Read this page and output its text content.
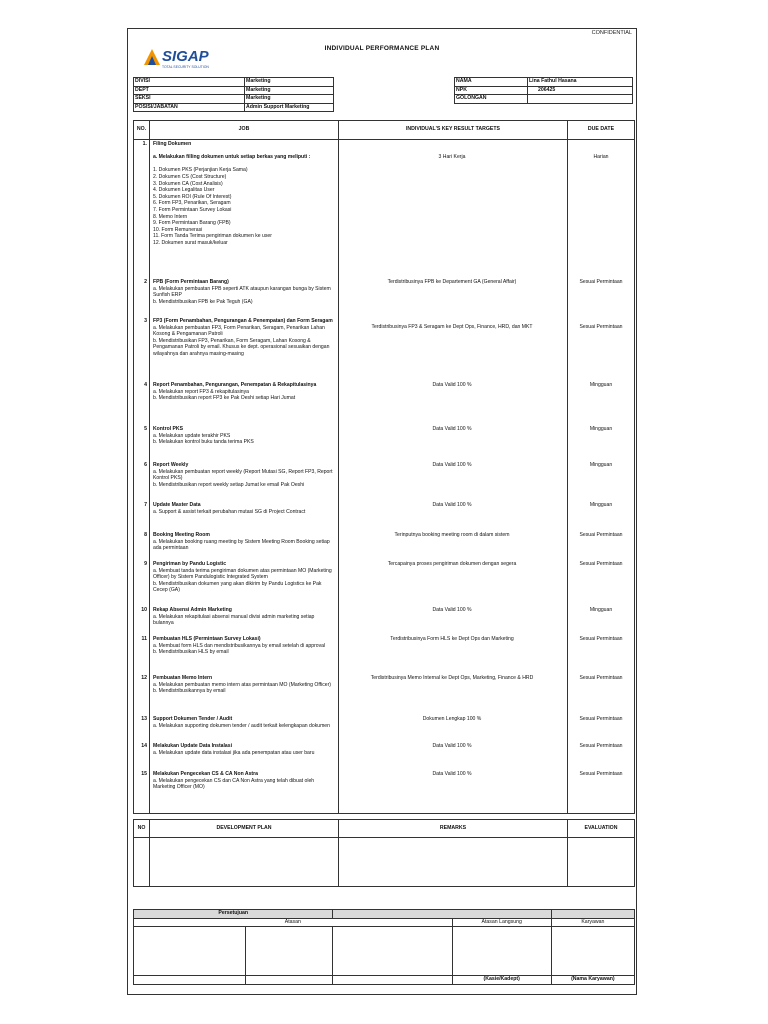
CONFIDENTIAL
SIGAP
TOTAL SECURITY SOLUTION
INDIVIDUAL PERFORMANCE PLAN
DIVISI	Marketing
DEPT	Marketing
SEKSI	Marketing
POSISI/JABATAN	Admin Support Marketing
NAMA	Lina Fathul Hasana
NPK	206425
GOLONGAN	
NO.	JOB	INDIVIDUAL'S KEY RESULT TARGETS	DUE DATE

1. Filing Dokumen
a. Melakukan filling dokumen untuk setiap berkas yang meliputi :
1. Dokumen PKS (Perjanjian Kerja Sama)
2. Dokumen CS (Cost Structure)
3. Dokumen CA (Cost Analisis)
4. Dokumen Legalitas User
5. Dokumen ROI (Rule Of Interest)
6. Form FP3, Penarikan, Seragam
7. Form Permintaan Survey Lokasi
8. Memo Intern
9. Form Permintaan Barang (FPB)
10. Form Remunerasi
11. Form Tanda Terima pengiriman dokumen ke user
12. Dokumen surat masuk/keluar
3 Hari Kerja	Harian
2 FPB (Form Permintaan Barang)
a. Melakukan pembuatan FPB seperti ATK ataupun karangan bunga by Sistem Sunfish ERP
b. Mendistribusikan FPB ke Pak Teguh (GA)
Terdistribusinya FPB ke Departement GA (General Affair)	Sesuai Permintaan
3 FP3 (Form Penambahan, Pengurangan & Penempatan) dan Form Seragam
a. Melakukan pembuatan FP3, Form Penarikan, Seragam, Penarikan Lahan Kosong & Pengamanan Patroli
b. Mendistribusikan FP3, Penarikan, Form Seragam, Lahan Kosong & Pengamanan Patroli by email. Khusus ke dept. operasional sesuaikan dengan wilayahnya dan arahnya masing-masing
Terdistribusinya FP3 & Seragam ke Dept Ops, Finance, HRD, dan MKT	Sesuai Permintaan
4 Report Penambahan, Pengurangan, Penempatan & Rekapitulasinya
a. Melakukan report FP3 & rekapitulasinya
b. Mendistribusikan report FP3 ke Pak Oeshi setiap Hari Jumat
Data Valid 100 %	Mingguan
5 Kontrol PKS
a. Melakukan update terakhir PKS
b. Melakukan kontrol buku tanda terima PKS
Data Valid 100 %	Mingguan
6 Report Weekly
a. Melakukan pembuatan report weekly (Report Mutasi SG, Report FP3, Report Kontrol PKS)
b. Mendistribusikan report weekly setiap Jumat ke email Pak Oeshi
Data Valid 100 %	Mingguan
7 Update Master Data
a. Support & assist terkait perubahan mutasi SG di Project Contract
Data Valid 100 %	Mingguan
8 Booking Meeting Room
a. Melakukan booking ruang meeting by Sistem Meeting Room Booking setiap ada permintaan
Terinputnya booking meeting room di dalam sistem	Sesuai Permintaan
9 Pengiriman by Pandu Logistic
a. Membuat tanda terima pengiriman dokumen atas permintaan MO (Marketing Officer) by Sistem Pandulogistic Integrated System
b. Mendistribusikan dokumen yang akan dikirim by Pandu Logistics ke Pak Cecep (GA)
Tercapainya proses pengiriman dokumen dengan segera	Sesuai Permintaan
10 Rekap Absensi Admin Marketing
a. Melakukan rekapitulasi absensi manual divisi admin marketing setiap bulannya
Data Valid 100 %	Mingguan
11 Pembuatan HLS (Permintaan Survey Lokasi)
a. Membuat form HLS dan mendistribusikannya by email setelah di approval
b. Mendistribusikan HLS by email
Terdistribusinya Form HLS ke Dept Ops dan Marketing	Sesuai Permintaan
12 Pembuatan Memo Intern
a. Melakukan pembuatan memo intern atas permintaan MO (Marketing Officer)
b. Mendistribusikannya by email
Terdistribusinya Memo Internal ke Dept Ops, Marketing, Finance & HRD	Sesuai Permintaan
13 Support Dokumen Tender / Audit
a. Melakukan supporting dokumen tender / audit terkait kelengkapan dokumen
Dokumen Lengkap 100 %	Sesuai Permintaan
14 Melakukan Update Data Instalasi
a. Melakukan update data instalasi jika ada penempatan atau user baru
Data Valid 100 %	Sesuai Permintaan
15 Melakukan Pengecekan CS & CA Non Astra
a. Melakukan pengecekan CS dan CA Non Astra yang telah dibuat oleh Marketing Officer (MO)
Data Valid 100 %	Sesuai Permintaan
NO	DEVELOPMENT PLAN	REMARKS	EVALUATION

Persetujuan				
Atasan			Atasan Langsung	Karyawan

			(Kasie/Kadept)	(Nama Karyawan)
